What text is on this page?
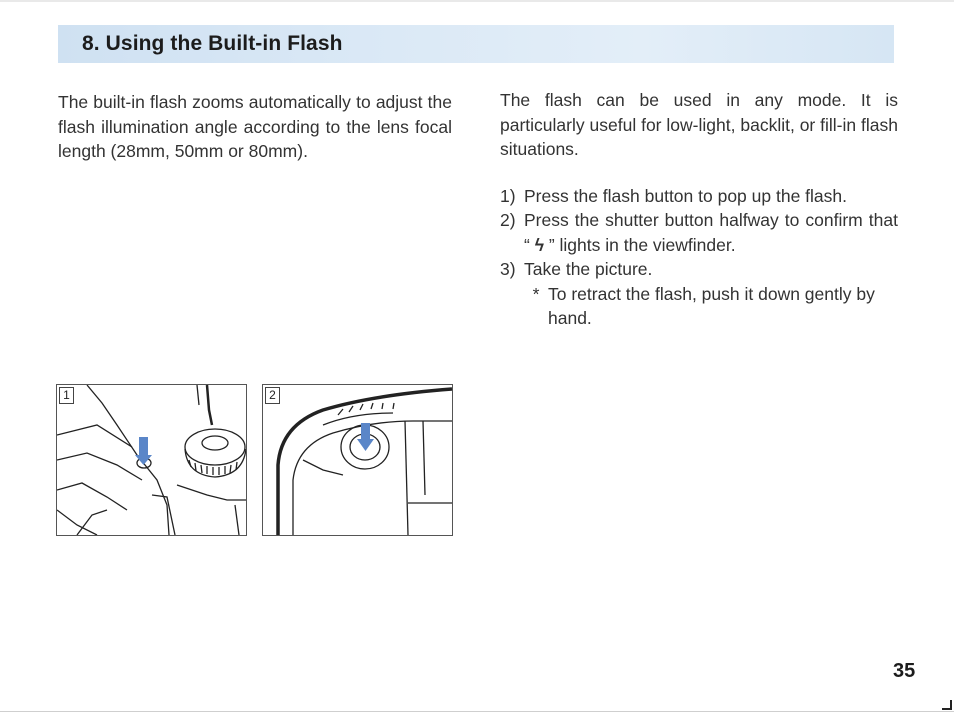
8. Using the Built-in Flash

The built-in flash zooms automatically to adjust the flash illumination angle according to the lens focal length (28mm, 50mm or 80mm).

The flash can be used in any mode. It is particularly useful for low-light, backlit, or fill-in flash situations.

1) Press the flash button to pop up the flash.
2) Press the shutter button halfway to confirm that “ ϟ ” lights in the viewfinder.
3) Take the picture.
* To retract the flash, push it down gently by hand.
1	2
35
